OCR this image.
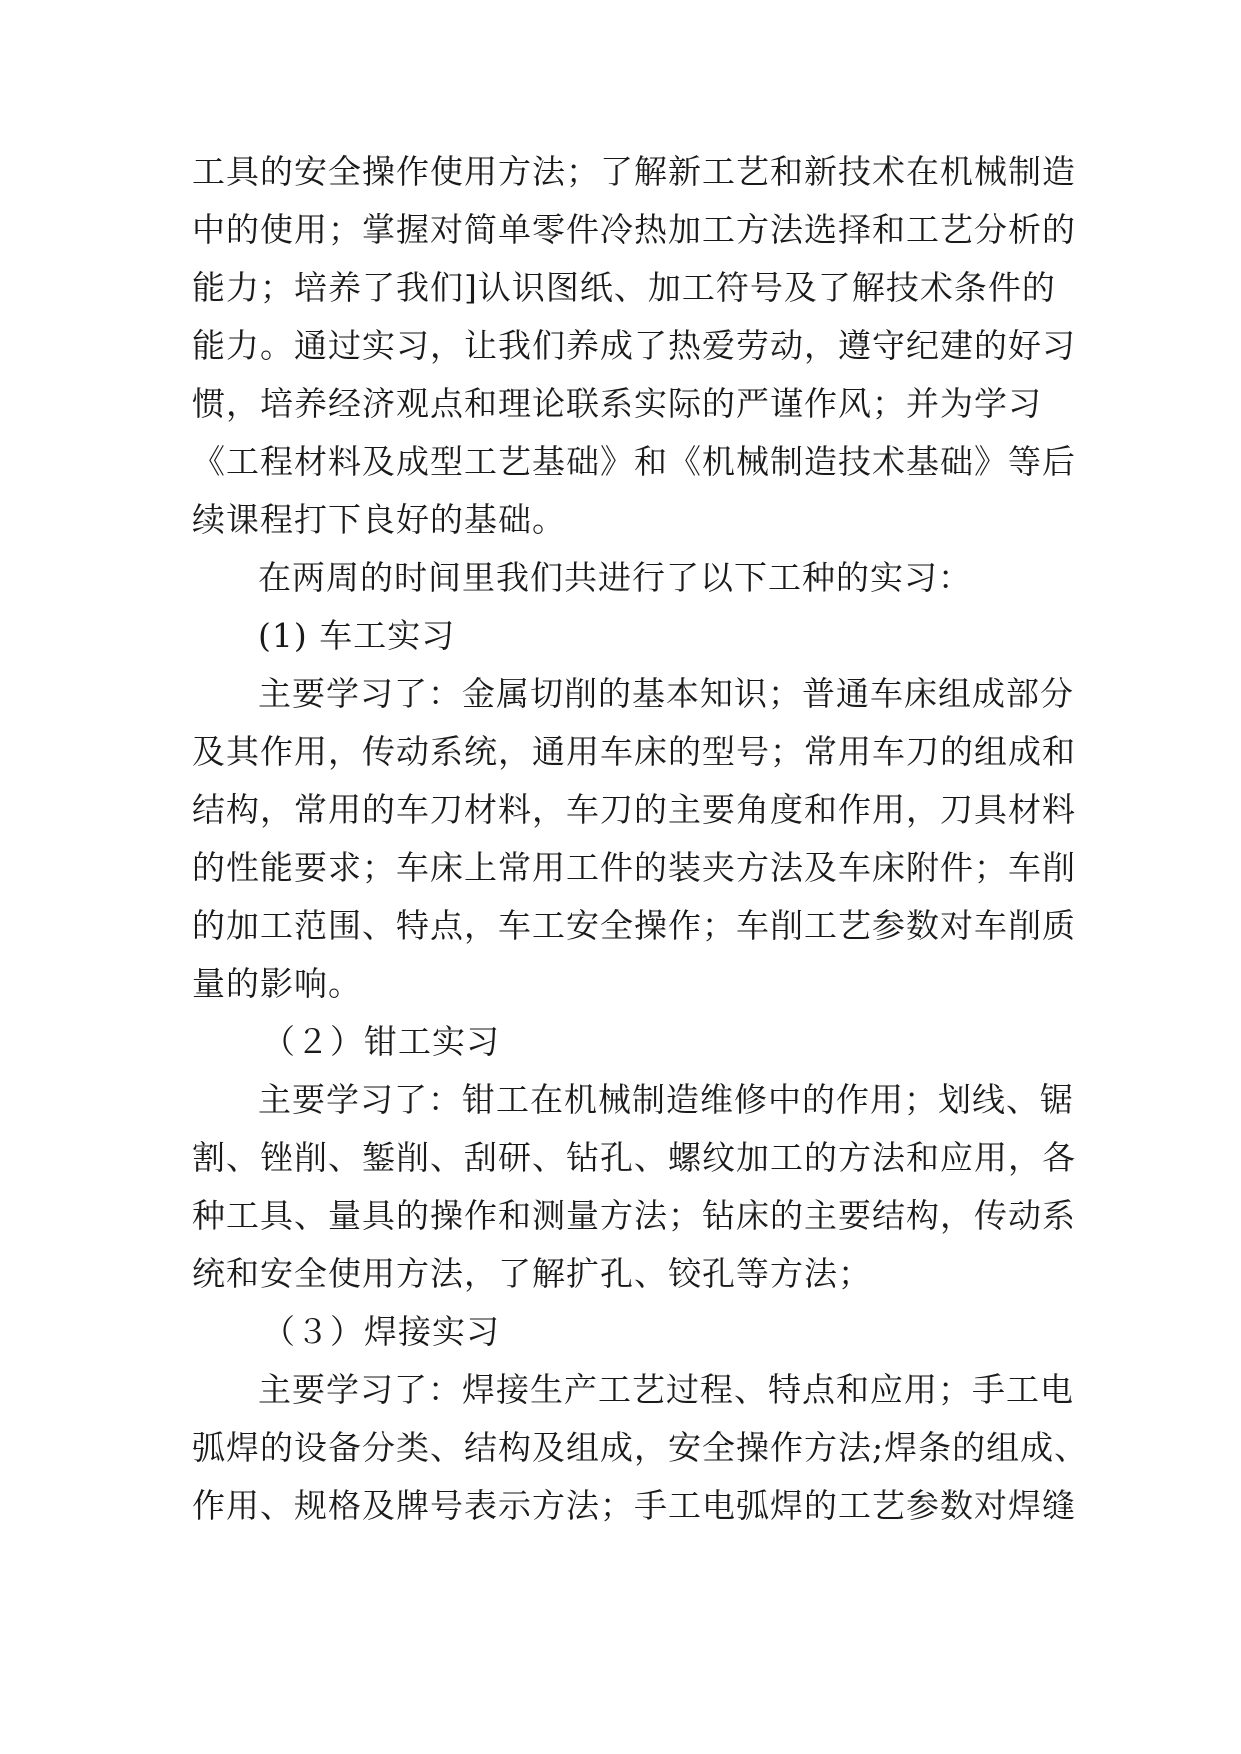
工具的安全操作使用方法；了解新工艺和新技术在机械制造
中的使用；掌握对简单零件冷热加工方法选择和工艺分析的
能力；培养了我们]认识图纸、加工符号及了解技术条件的
能力。通过实习，让我们养成了热爱劳动，遵守纪建的好习
惯，培养经济观点和理论联系实际的严谨作风；并为学习
《工程材料及成型工艺基础》和《机械制造技术基础》等后
续课程打下良好的基础。
在两周的时间里我们共进行了以下工种的实习：
(1) 车工实习
主要学习了：金属切削的基本知识；普通车床组成部分
及其作用，传动系统，通用车床的型号；常用车刀的组成和
结构，常用的车刀材料，车刀的主要角度和作用，刀具材料
的性能要求；车床上常用工件的装夹方法及车床附件；车削
的加工范围、特点，车工安全操作；车削工艺参数对车削质
量的影响。
（２）钳工实习
主要学习了：钳工在机械制造维修中的作用；划线、锯
割、锉削、錾削、刮研、钻孔、螺纹加工的方法和应用，各
种工具、量具的操作和测量方法；钻床的主要结构，传动系
统和安全使用方法，了解扩孔、铰孔等方法；
（３）焊接实习
主要学习了：焊接生产工艺过程、特点和应用；手工电
弧焊的设备分类、结构及组成，安全操作方法;焊条的组成、
作用、规格及牌号表示方法；手工电弧焊的工艺参数对焊缝
